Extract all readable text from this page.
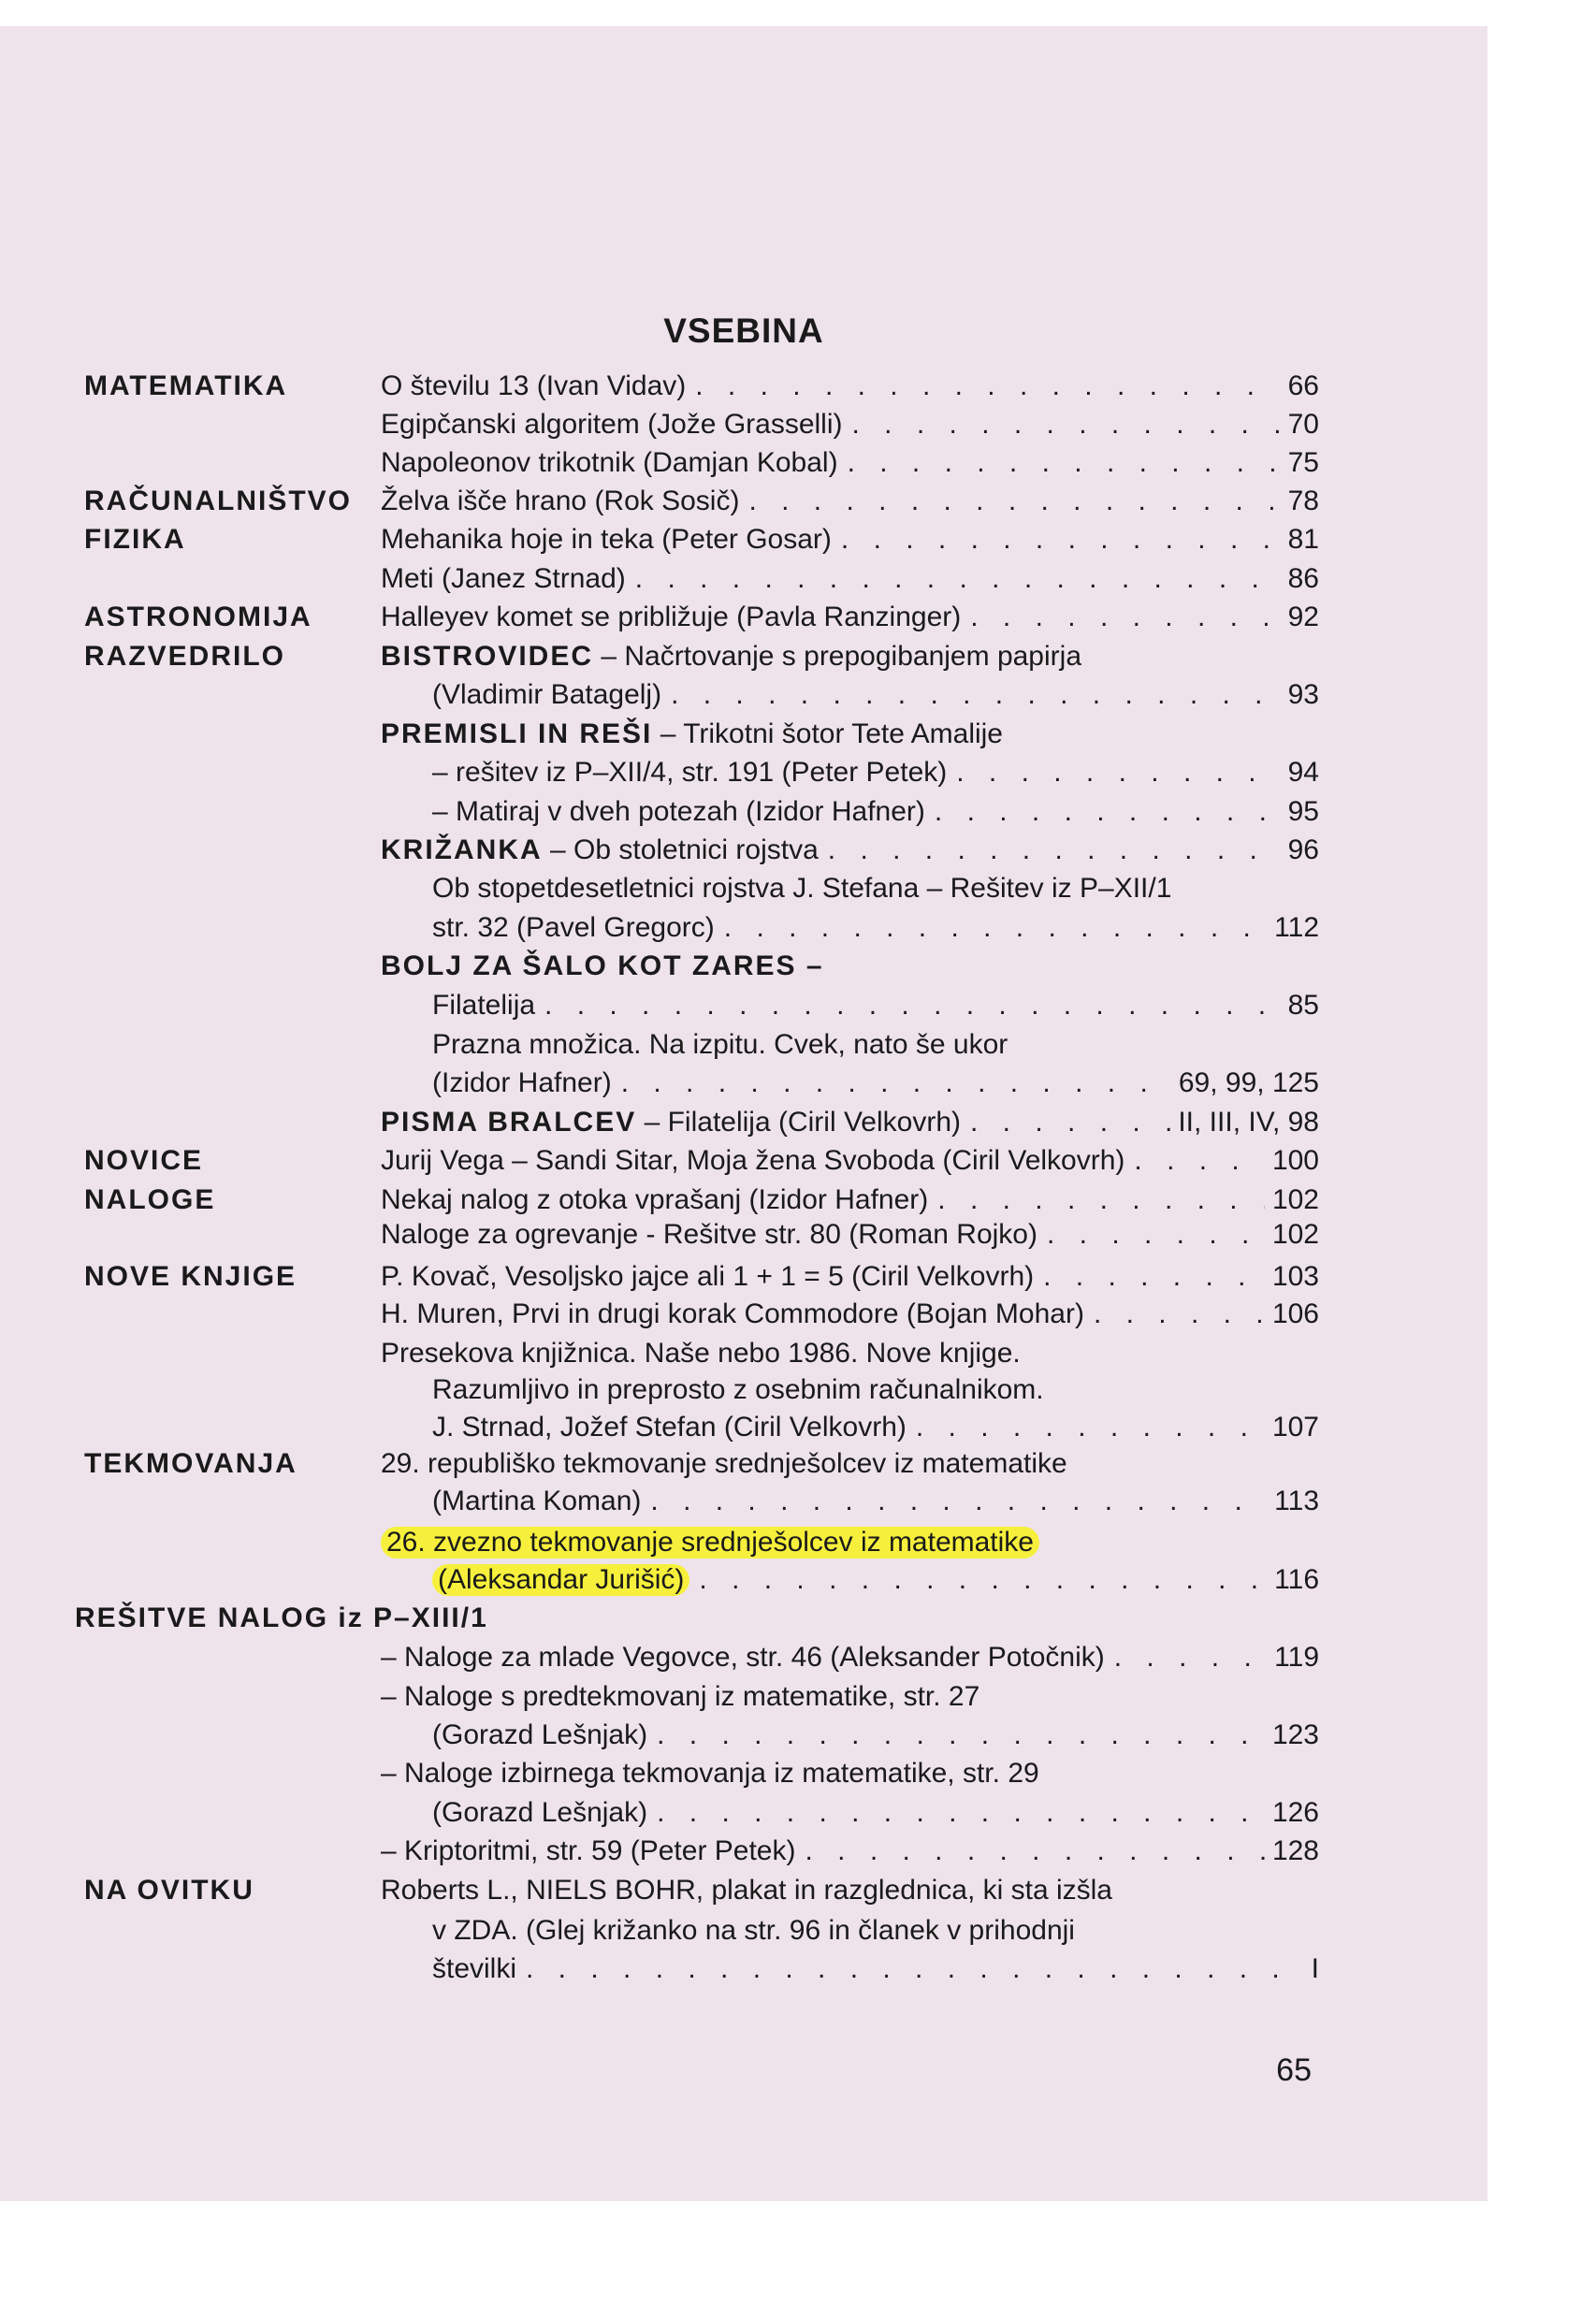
VSEBINA
MATEMATIKA	O številu 13 (Ivan Vidav) . . .	66
Egipčanski algoritem (Jože Grasselli) . . .	70
Napoleonov trikotnik (Damjan Kobal) . . .	75
RAČUNALNIŠTVO Želva išče hrano (Rok Sosič) . . .	78
FIZIKA	Mehanika hoje in teka (Peter Gosar) . . .	81
Meti (Janez Strnad) . . .	86
ASTRONOMIJA Halleyev komet se približuje (Pavla Ranzinger) . . .	92
RAZVEDRILO	BISTROVIDEC – Načrtovanje s prepogibanjem papirja
(Vladimir Batagelj) . . .	93
PREMISLI IN REŠI – Trikotni šotor Tete Amalije
– rešitev iz P–XII/4, str. 191 (Peter Petek) . . .	94
– Matiraj v dveh potezah (Izidor Hafner) . . .	95
KRIŽANKA – Ob stoletnici rojstva . . .	96
Ob stopetdesetletnici rojstva J. Stefana – Rešitev iz P–XII/1
str. 32 (Pavel Gregorc) . . .	112
BOLJ ZA ŠALO KOT ZARES –
Filatelija . . .	85
Prazna množica. Na izpitu. Cvek, nato še ukor
(Izidor Hafner) . . .	69, 99, 125
PISMA BRALCEV – Filatelija (Ciril Velkovrh) . . .	II, III, IV, 98
NOVICE	Jurij Vega – Sandi Sitar, Moja žena Svoboda (Ciril Velkovrh) . . .	100
NALOGE	Nekaj nalog z otoka vprašanj (Izidor Hafner) . . .	102
Naloge za ogrevanje - Rešitve str. 80 (Roman Rojko) . . .	102
NOVE KNJIGE	P. Kovač, Vesoljsko jajce ali 1 + 1 = 5 (Ciril Velkovrh) . . .	103
H. Muren, Prvi in drugi korak Commodore (Bojan Mohar) . . .	106
Presekova knjižnica. Naše nebo 1986. Nove knjige.
Razumljivo in preprosto z osebnim računalnikom.
J. Strnad, Jožef Stefan (Ciril Velkovrh) . . .	107
TEKMOVANJA	29. republiško tekmovanje srednješolcev iz matematike
(Martina Koman) . . .	113
26. zvezno tekmovanje srednješolcev iz matematike
(Aleksandar Jurišić) . . .	116
REŠITVE NALOG iz P–XIII/1
– Naloge za mlade Vegovce, str. 46 (Aleksander Potočnik) . . .	119
– Naloge s predtekmovanj iz matematike, str. 27
(Gorazd Lešnjak) . . .	123
– Naloge izbirnega tekmovanja iz matematike, str. 29
(Gorazd Lešnjak) . . .	126
– Kriptoritmi, str. 59 (Peter Petek) . . .	128
NA OVITKU	Roberts L., NIELS BOHR, plakat in razglednica, ki sta izšla
v ZDA. (Glej križanko na str. 96 in članek v prihodnji
številki . . .	I
65
